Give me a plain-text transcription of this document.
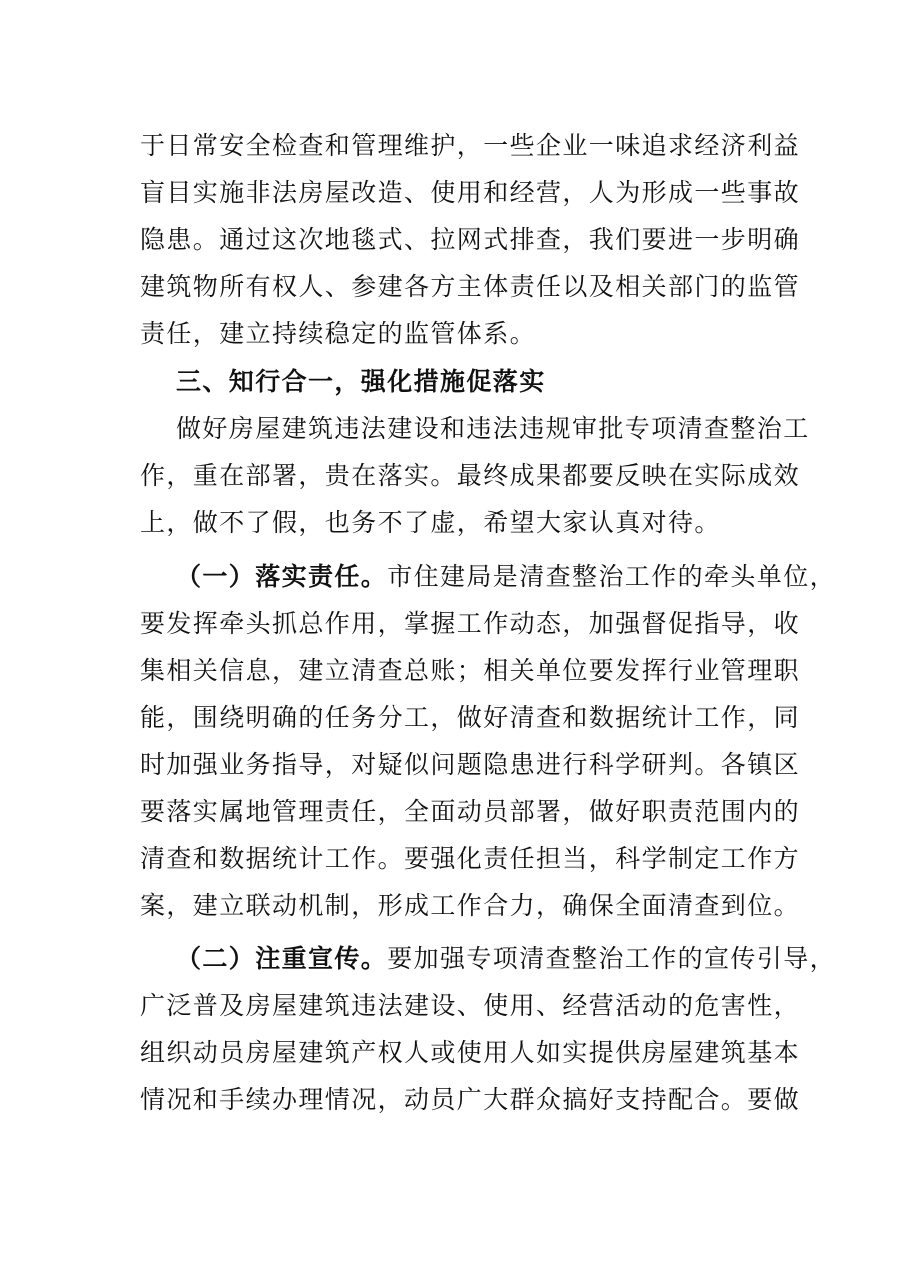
于日常安全检查和管理维护，一些企业一味追求经济利益
盲目实施非法房屋改造、使用和经营，人为形成一些事故
隐患。通过这次地毯式、拉网式排查，我们要进一步明确
建筑物所有权人、参建各方主体责任以及相关部门的监管
责任，建立持续稳定的监管体系。
三、知行合一，强化措施促落实
做好房屋建筑违法建设和违法违规审批专项清查整治工
作，重在部署，贵在落实。最终成果都要反映在实际成效
上，做不了假，也务不了虚，希望大家认真对待。
（一）落实责任。市住建局是清查整治工作的牵头单位，
要发挥牵头抓总作用，掌握工作动态，加强督促指导，收
集相关信息，建立清查总账；相关单位要发挥行业管理职
能，围绕明确的任务分工，做好清查和数据统计工作，同
时加强业务指导，对疑似问题隐患进行科学研判。各镇区
要落实属地管理责任，全面动员部署，做好职责范围内的
清查和数据统计工作。要强化责任担当，科学制定工作方
案，建立联动机制，形成工作合力，确保全面清查到位。
（二）注重宣传。要加强专项清查整治工作的宣传引导，
广泛普及房屋建筑违法建设、使用、经营活动的危害性，
组织动员房屋建筑产权人或使用人如实提供房屋建筑基本
情况和手续办理情况，动员广大群众搞好支持配合。要做
